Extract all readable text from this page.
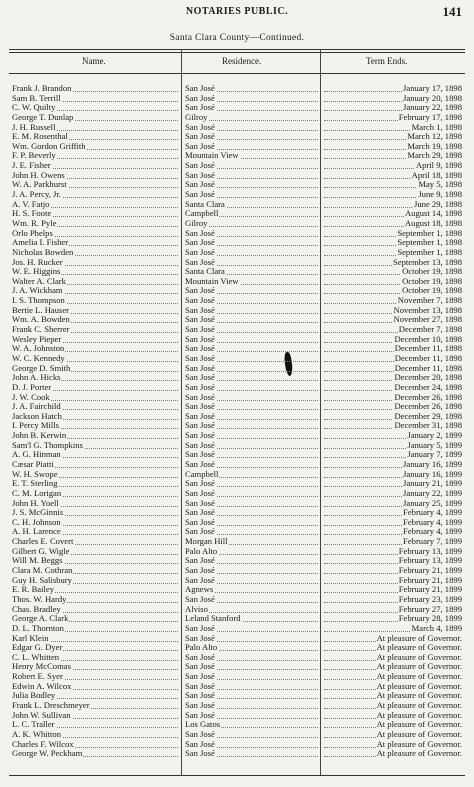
NOTARIES PUBLIC.	141
Santa Clara County—Continued.
Name.	Residence.	Term Ends.
Frank J. Brandon	San José	January 17, 1898
Sam B. Terrill	San José	January 20, 1898
C. W. Quilty	San José	January 22, 1898
George T. Dunlap	Gilroy	February 17, 1898
J. H. Russell	San José	March 1, 1898
E. M. Rosenthal	San José	March 12, 1898
Wm. Gordon Griffith	San José	March 19, 1898
F. P. Beverly	Mountain View	March 29, 1898
J. E. Fisher	San José	April 9, 1898
John H. Owens	San José	April 18, 1898
W. A. Parkhurst	San José	May 5, 1898
J. A. Percy, Jr.	San José	June 9, 1898
A. V. Fatjo	Santa Clara	June 29, 1898
H. S. Foote	Campbell	August 14, 1898
Wm. R. Pyle	Gilroy	August 18, 1898
Orlo Phelps	San José	September 1, 1898
Amelia I. Fisher	San José	September 1, 1898
Nicholas Bowden	San José	September 1, 1898
Jos. H. Rucker	San José	September 13, 1898
W. E. Higgins	Santa Clara	October 19, 1898
Walter A. Clark	Mountain View	October 19, 1898
J. A. Wickham	San José	October 19, 1898
I. S. Thompson	San José	November 7, 1898
Bertie L. Hauser	San José	November 13, 1898
Wm. A. Bowden	San José	November 27, 1898
Frank C. Sherrer	San José	December 7, 1898
Wesley Pieper	San José	December 10, 1898
W. A. Johnston	San José	December 11, 1898
W. C. Kennedy	San José	December 11, 1898
George D. Smith	San José	December 11, 1898
John A. Hicks	San José	December 20, 1898
D. J. Porter	San José	December 24, 1898
J. W. Cook	San José	December 26, 1898
J. A. Fairchild	San José	December 26, 1898
Jackson Hatch	San José	December 29, 1898
I. Percy Mills	San José	December 31, 1898
John B. Kerwin	San José	January 2, 1899
Sam'l G. Thompkins	San José	January 5, 1899
A. G. Hinman	San José	January 7, 1899
Cæsar Piatti	San José	January 16, 1899
W. H. Swope	Campbell	January 16, 1899
E. T. Sterling	San José	January 21, 1899
C. M. Lorigan	San José	January 22, 1899
John H. Yoell	San José	January 25, 1899
J. S. McGinnis	San José	February 4, 1899
C. H. Johnson	San José	February 4, 1899
A. H. Larence	San José	February 4, 1899
Charles E. Covert	Morgan Hill	February 7, 1899
Gilbert G. Wigle	Palo Alto	February 13, 1899
Will M. Beggs	San José	February 13, 1899
Clara M. Cothran	San José	February 21, 1899
Guy H. Salisbury	San José	February 21, 1899
E. R. Bailey	Agnews	February 21, 1899
Thos. W. Hardy	San José	February 23, 1899
Chas. Bradley	Alviso	February 27, 1899
George A. Clark	Leland Stanford	February 28, 1899
D. L. Thornton	San José	March 4, 1899
Karl Klein	San José	At pleasure of Governor.
Edgar G. Dyer	Palo Alto	At pleasure of Governor.
C. L. Whitten	San José	At pleasure of Governor.
Henry McComas	San José	At pleasure of Governor.
Robert E. Syer	San José	At pleasure of Governor.
Edwin A. Wilcox	San José	At pleasure of Governor.
Julia Bodley	San José	At pleasure of Governor.
Frank L. Dreschmeyer	San José	At pleasure of Governor.
John W. Sullivan	San José	At pleasure of Governor.
L. C. Traller	Los Gatos	At pleasure of Governor.
A. K. Whitton	San José	At pleasure of Governor.
Charles F. Wilcox	San José	At pleasure of Governor.
George W. Peckham	San José	At pleasure of Governor.
